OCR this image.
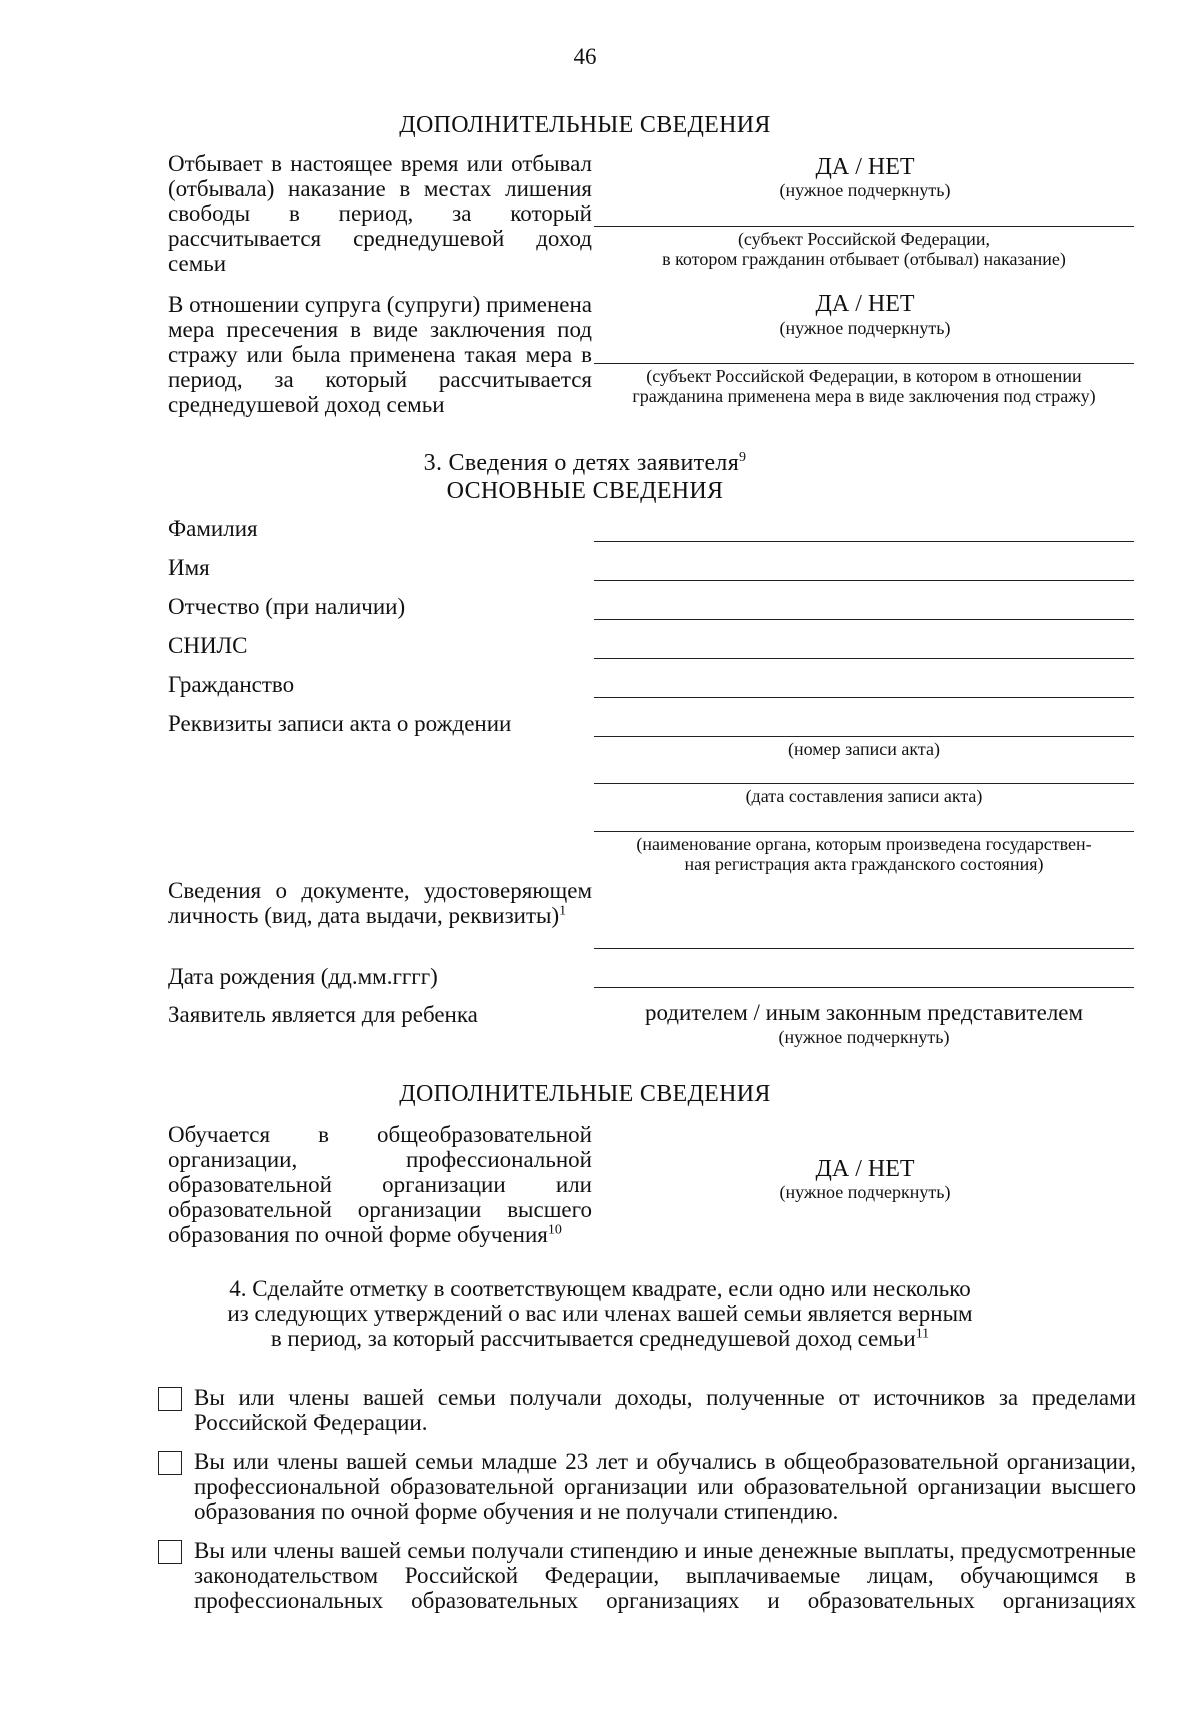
46
ДОПОЛНИТЕЛЬНЫЕ СВЕДЕНИЯ
Отбывает в настоящее время или отбывал (отбывала) наказание в местах лишения свободы в период, за который рассчитывается среднедушевой доход семьи
ДА / НЕТ
(нужное подчеркнуть)
(субъект Российской Федерации,
в котором гражданин отбывает (отбывал) наказание)
В отношении супруга (супруги) применена мера пресечения в виде заключения под стражу или была применена такая мера в период, за который рассчитывается среднедушевой доход семьи
ДА / НЕТ
(нужное подчеркнуть)
(субъект Российской Федерации, в котором в отношении
гражданина применена мера в виде заключения под стражу)
3. Сведения о детях заявителя$^9$
ОСНОВНЫЕ СВЕДЕНИЯ
Фамилия
Имя
Отчество (при наличии)
СНИЛС
Гражданство
Реквизиты записи акта о рождении
(номер записи акта)
(дата составления записи акта)
(наименование органа, которым произведена государствен-
ная регистрация акта гражданского состояния)
Сведения о документе, удостоверяющем личность (вид, дата выдачи, реквизиты)$^1$
Дата рождения (дд.мм.гггг)
Заявитель является для ребенка	родителем / иным законным представителем
(нужное подчеркнуть)
ДОПОЛНИТЕЛЬНЫЕ СВЕДЕНИЯ
Обучается в общеобразовательной организации, профессиональной образовательной организации или образовательной организации высшего образования по очной форме обучения$^{10}$
ДА / НЕТ
(нужное подчеркнуть)
4. Сделайте отметку в соответствующем квадрате, если одно или несколько
из следующих утверждений о вас или членах вашей семьи является верным
в период, за который рассчитывается среднедушевой доход семьи$^{11}$
Вы или члены вашей семьи получали доходы, полученные от источников за пределами Российской Федерации.
Вы или члены вашей семьи младше 23 лет и обучались в общеобразовательной организации, профессиональной образовательной организации или образовательной организации высшего образования по очной форме обучения и не получали стипендию.
Вы или члены вашей семьи получали стипендию и иные денежные выплаты, предусмотренные законодательством Российской Федерации, выплачиваемые лицам, обучающимся в профессиональных образовательных организациях и образовательных организациях
